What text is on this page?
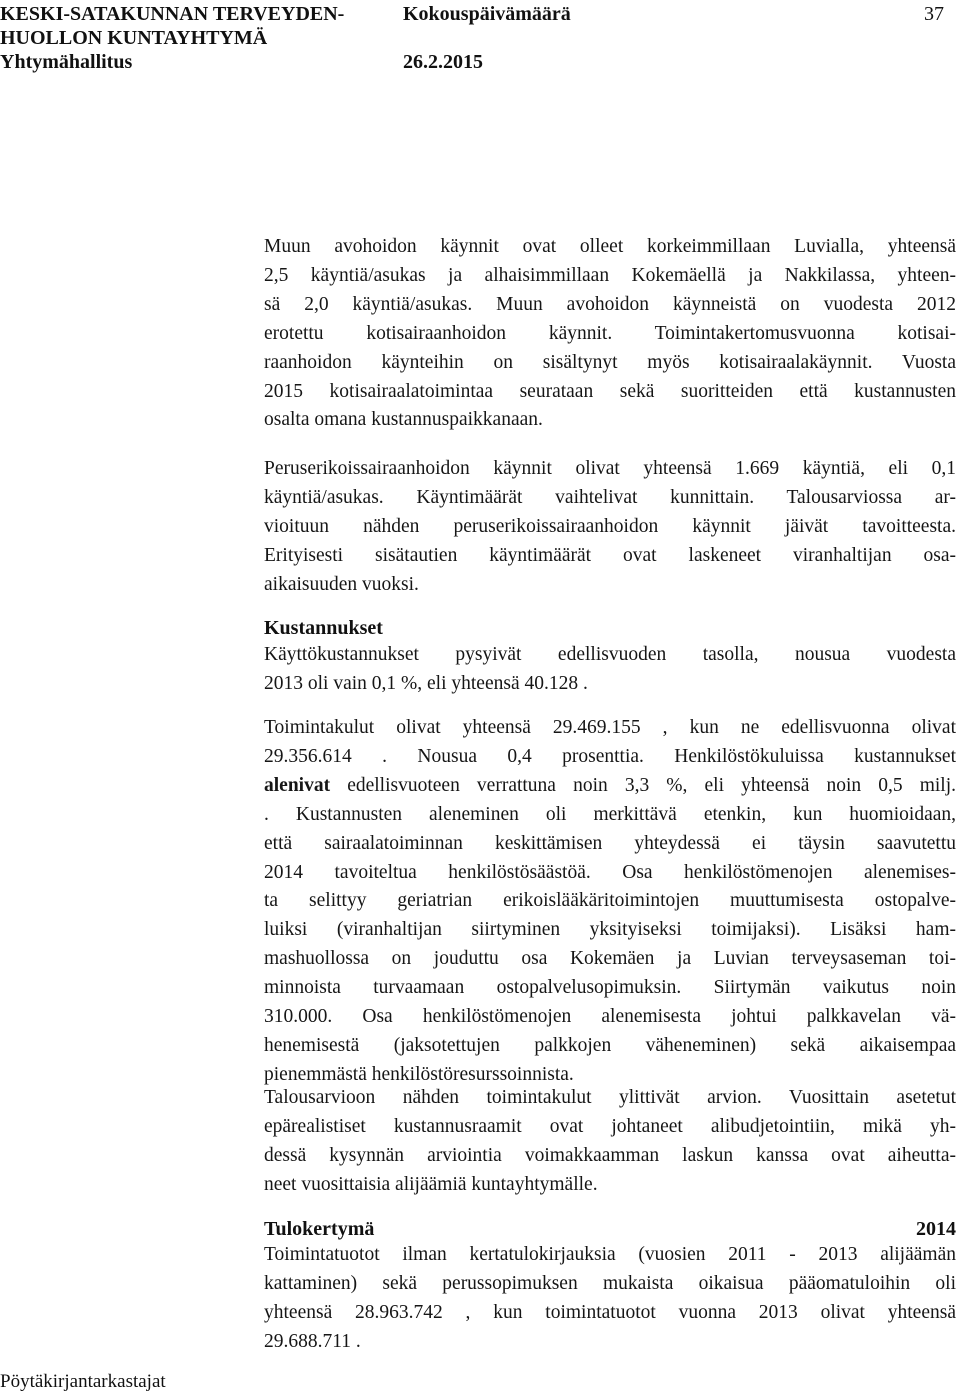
KESKI-SATAKUNNAN TERVEYDEN-
HUOLLON KUNTAYHTYMÄ
Yhtymähallitus
Kokouspäivämäärä
26.2.2015
37
Muun avohoidon käynnit ovat olleet korkeimmillaan Luvialla, yhteensä
2,5 käyntiä/asukas ja alhaisimmillaan Kokemäellä ja Nakkilassa, yhteen-
sä 2,0 käyntiä/asukas. Muun avohoidon käynneistä on vuodesta 2012
erotettu kotisairaanhoidon käynnit. Toimintakertomusvuonna kotisai-
raanhoidon käynteihin on sisältynyt myös kotisairaalakäynnit. Vuosta
2015 kotisairaalatoimintaa seurataan sekä suoritteiden että kustannusten
osalta omana kustannuspaikkanaan.
Peruserikoissairaanhoidon käynnit olivat yhteensä 1.669 käyntiä, eli 0,1
käyntiä/asukas. Käyntimäärät vaihtelivat kunnittain. Talousarviossa ar-
vioituun nähden peruserikoissairaanhoidon käynnit jäivät tavoitteesta.
Erityisesti sisätautien käyntimäärät ovat laskeneet viranhaltijan osa-
aikaisuuden vuoksi.
Kustannukset
Käyttökustannukset pysyivät edellisvuoden tasolla, nousua vuodesta
2013 oli vain 0,1 %, eli yhteensä 40.128 .
Toimintakulut olivat yhteensä 29.469.155 , kun ne edellisvuonna olivat
29.356.614 . Nousua 0,4 prosenttia. Henkilöstökuluissa kustannukset
alenivat edellisvuoteen verrattuna noin 3,3 %, eli yhteensä noin 0,5 milj.
. Kustannusten aleneminen oli merkittävä etenkin, kun huomioidaan,
että sairaalatoiminnan keskittämisen yhteydessä ei täysin saavutettu
2014 tavoiteltua henkilöstösäästöä. Osa henkilöstömenojen alenemises-
ta selittyy geriatrian erikoislääkäritoimintojen muuttumisesta ostopalve-
luiksi (viranhaltijan siirtyminen yksityiseksi toimijaksi). Lisäksi ham-
mashuollossa on jouduttu osa Kokemäen ja Luvian terveysaseman toi-
minnoista turvaamaan ostopalvelusopimuksin. Siirtymän vaikutus noin
310.000. Osa henkilöstömenojen alenemisesta johtui palkkavelan vä-
henemisestä (jaksotettujen palkkojen väheneminen) sekä aikaisempaa
pienemmästä henkilöstöresurssoinnista.
Talousarvioon nähden toimintakulut ylittivät arvion. Vuosittain asetetut
epärealistiset kustannusraamit ovat johtaneet alibudjetointiin, mikä yh-
dessä kysynnän arviointia voimakkaamman laskun kanssa ovat aiheutta-
neet vuosittaisia alijäämiä kuntayhtymälle.
Tulokertymä	2014
Toimintatuotot ilman kertatulokirjauksia (vuosien 2011 - 2013 alijäämän
kattaminen) sekä perussopimuksen mukaista oikaisua pääomatuloihin oli
yhteensä 28.963.742 , kun toimintatuotot vuonna 2013 olivat yhteensä
29.688.711 .
Pöytäkirjantarkastajat
